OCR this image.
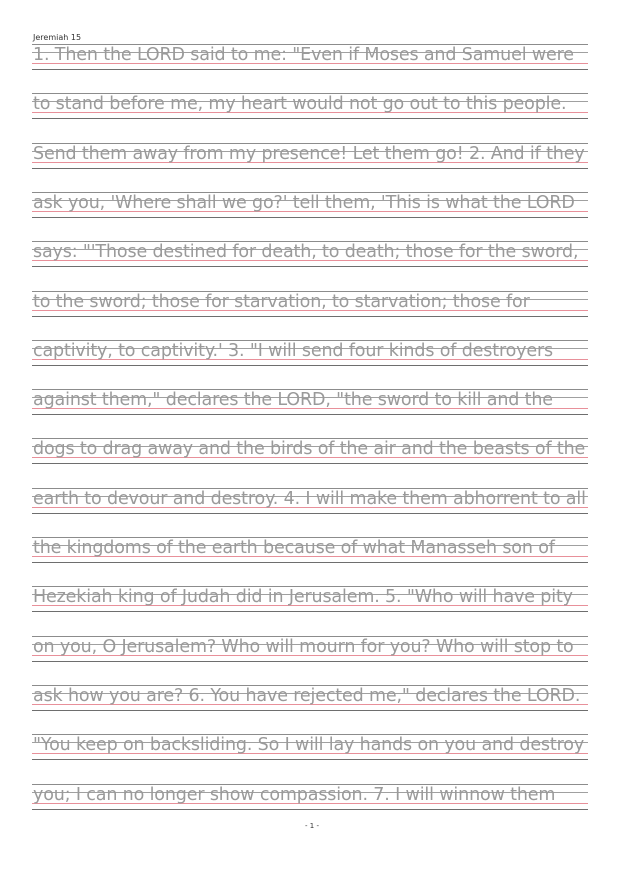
Jeremiah 15
1. Then the LORD said to me: "Even if Moses and Samuel were
to stand before me, my heart would not go out to this people.
Send them away from my presence! Let them go! 2. And if they
ask you, 'Where shall we go?' tell them, 'This is what the LORD
says: "'Those destined for death, to death; those for the sword,
to the sword; those for starvation, to starvation; those for
captivity, to captivity.' 3. "I will send four kinds of destroyers
against them," declares the LORD, "the sword to kill and the
dogs to drag away and the birds of the air and the beasts of the
earth to devour and destroy. 4. I will make them abhorrent to all
the kingdoms of the earth because of what Manasseh son of
Hezekiah king of Judah did in Jerusalem. 5. "Who will have pity
on you, O Jerusalem? Who will mourn for you? Who will stop to
ask how you are? 6. You have rejected me," declares the LORD.
"You keep on backsliding. So I will lay hands on you and destroy
you; I can no longer show compassion. 7. I will winnow them
- 1 -
